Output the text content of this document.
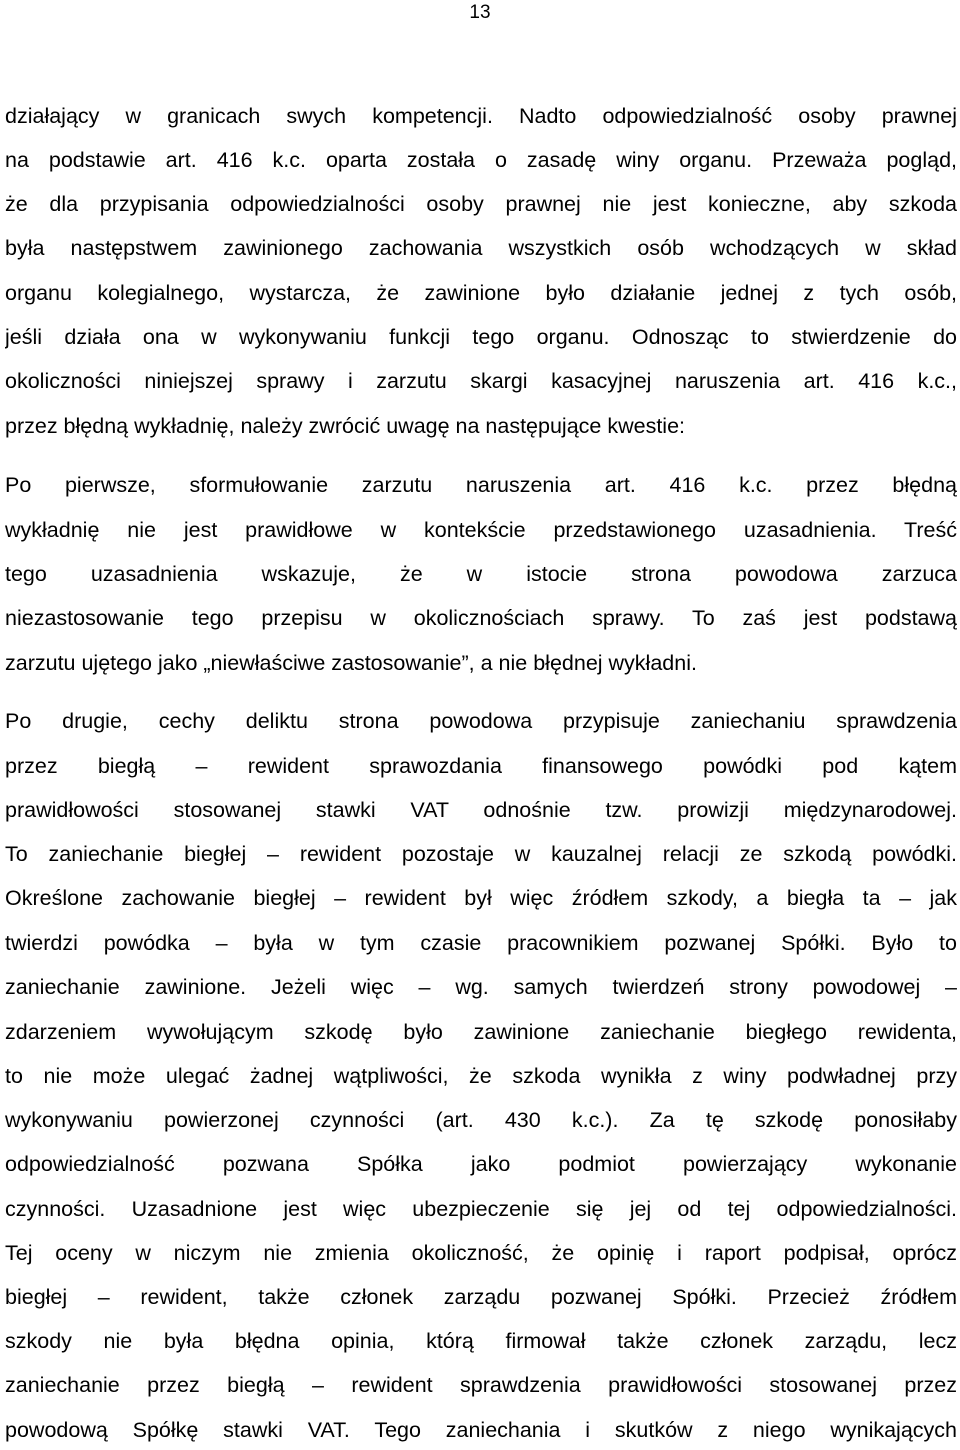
13
działający w granicach swych kompetencji. Nadto odpowiedzialność osoby prawnej
na podstawie art. 416 k.c. oparta została o zasadę winy organu. Przeważa pogląd,
że dla przypisania odpowiedzialności osoby prawnej nie jest konieczne, aby szkoda
była następstwem zawinionego zachowania wszystkich osób wchodzących w skład
organu kolegialnego, wystarcza, że zawinione było działanie jednej z tych osób,
jeśli działa ona w wykonywaniu funkcji tego organu. Odnosząc to stwierdzenie do
okoliczności niniejszej sprawy i zarzutu skargi kasacyjnej naruszenia art. 416 k.c.,
przez błędną wykładnię, należy zwrócić uwagę na następujące kwestie:
Po pierwsze, sformułowanie zarzutu naruszenia art. 416 k.c. przez błędną
wykładnię nie jest prawidłowe w kontekście przedstawionego uzasadnienia. Treść
tego uzasadnienia wskazuje, że w istocie strona powodowa zarzuca
niezastosowanie tego przepisu w okolicznościach sprawy. To zaś jest podstawą
zarzutu ujętego jako „niewłaściwe zastosowanie”, a nie błędnej wykładni.
Po drugie, cechy deliktu strona powodowa przypisuje zaniechaniu sprawdzenia
przez biegłą – rewident sprawozdania finansowego powódki pod kątem
prawidłowości stosowanej stawki VAT odnośnie tzw. prowizji międzynarodowej.
To zaniechanie biegłej – rewident pozostaje w kauzalnej relacji ze szkodą powódki.
Określone zachowanie biegłej – rewident był więc źródłem szkody, a biegła ta – jak
twierdzi powódka – była w tym czasie pracownikiem pozwanej Spółki. Było to
zaniechanie zawinione. Jeżeli więc – wg. samych twierdzeń strony powodowej –
zdarzeniem wywołującym szkodę było zawinione zaniechanie biegłego rewidenta,
to nie może ulegać żadnej wątpliwości, że szkoda wynikła z winy podwładnej przy
wykonywaniu powierzonej czynności (art. 430 k.c.). Za tę szkodę ponosiłaby
odpowiedzialność pozwana Spółka jako podmiot powierzający wykonanie
czynności. Uzasadnione jest więc ubezpieczenie się jej od tej odpowiedzialności.
Tej oceny w niczym nie zmienia okoliczność, że opinię i raport podpisał, oprócz
biegłej – rewident, także członek zarządu pozwanej Spółki. Przecież źródłem
szkody nie była błędna opinia, którą firmował także członek zarządu, lecz
zaniechanie przez biegłą – rewident sprawdzenia prawidłowości stosowanej przez
powodową Spółkę stawki VAT. Tego zaniechania i skutków z niego wynikających
